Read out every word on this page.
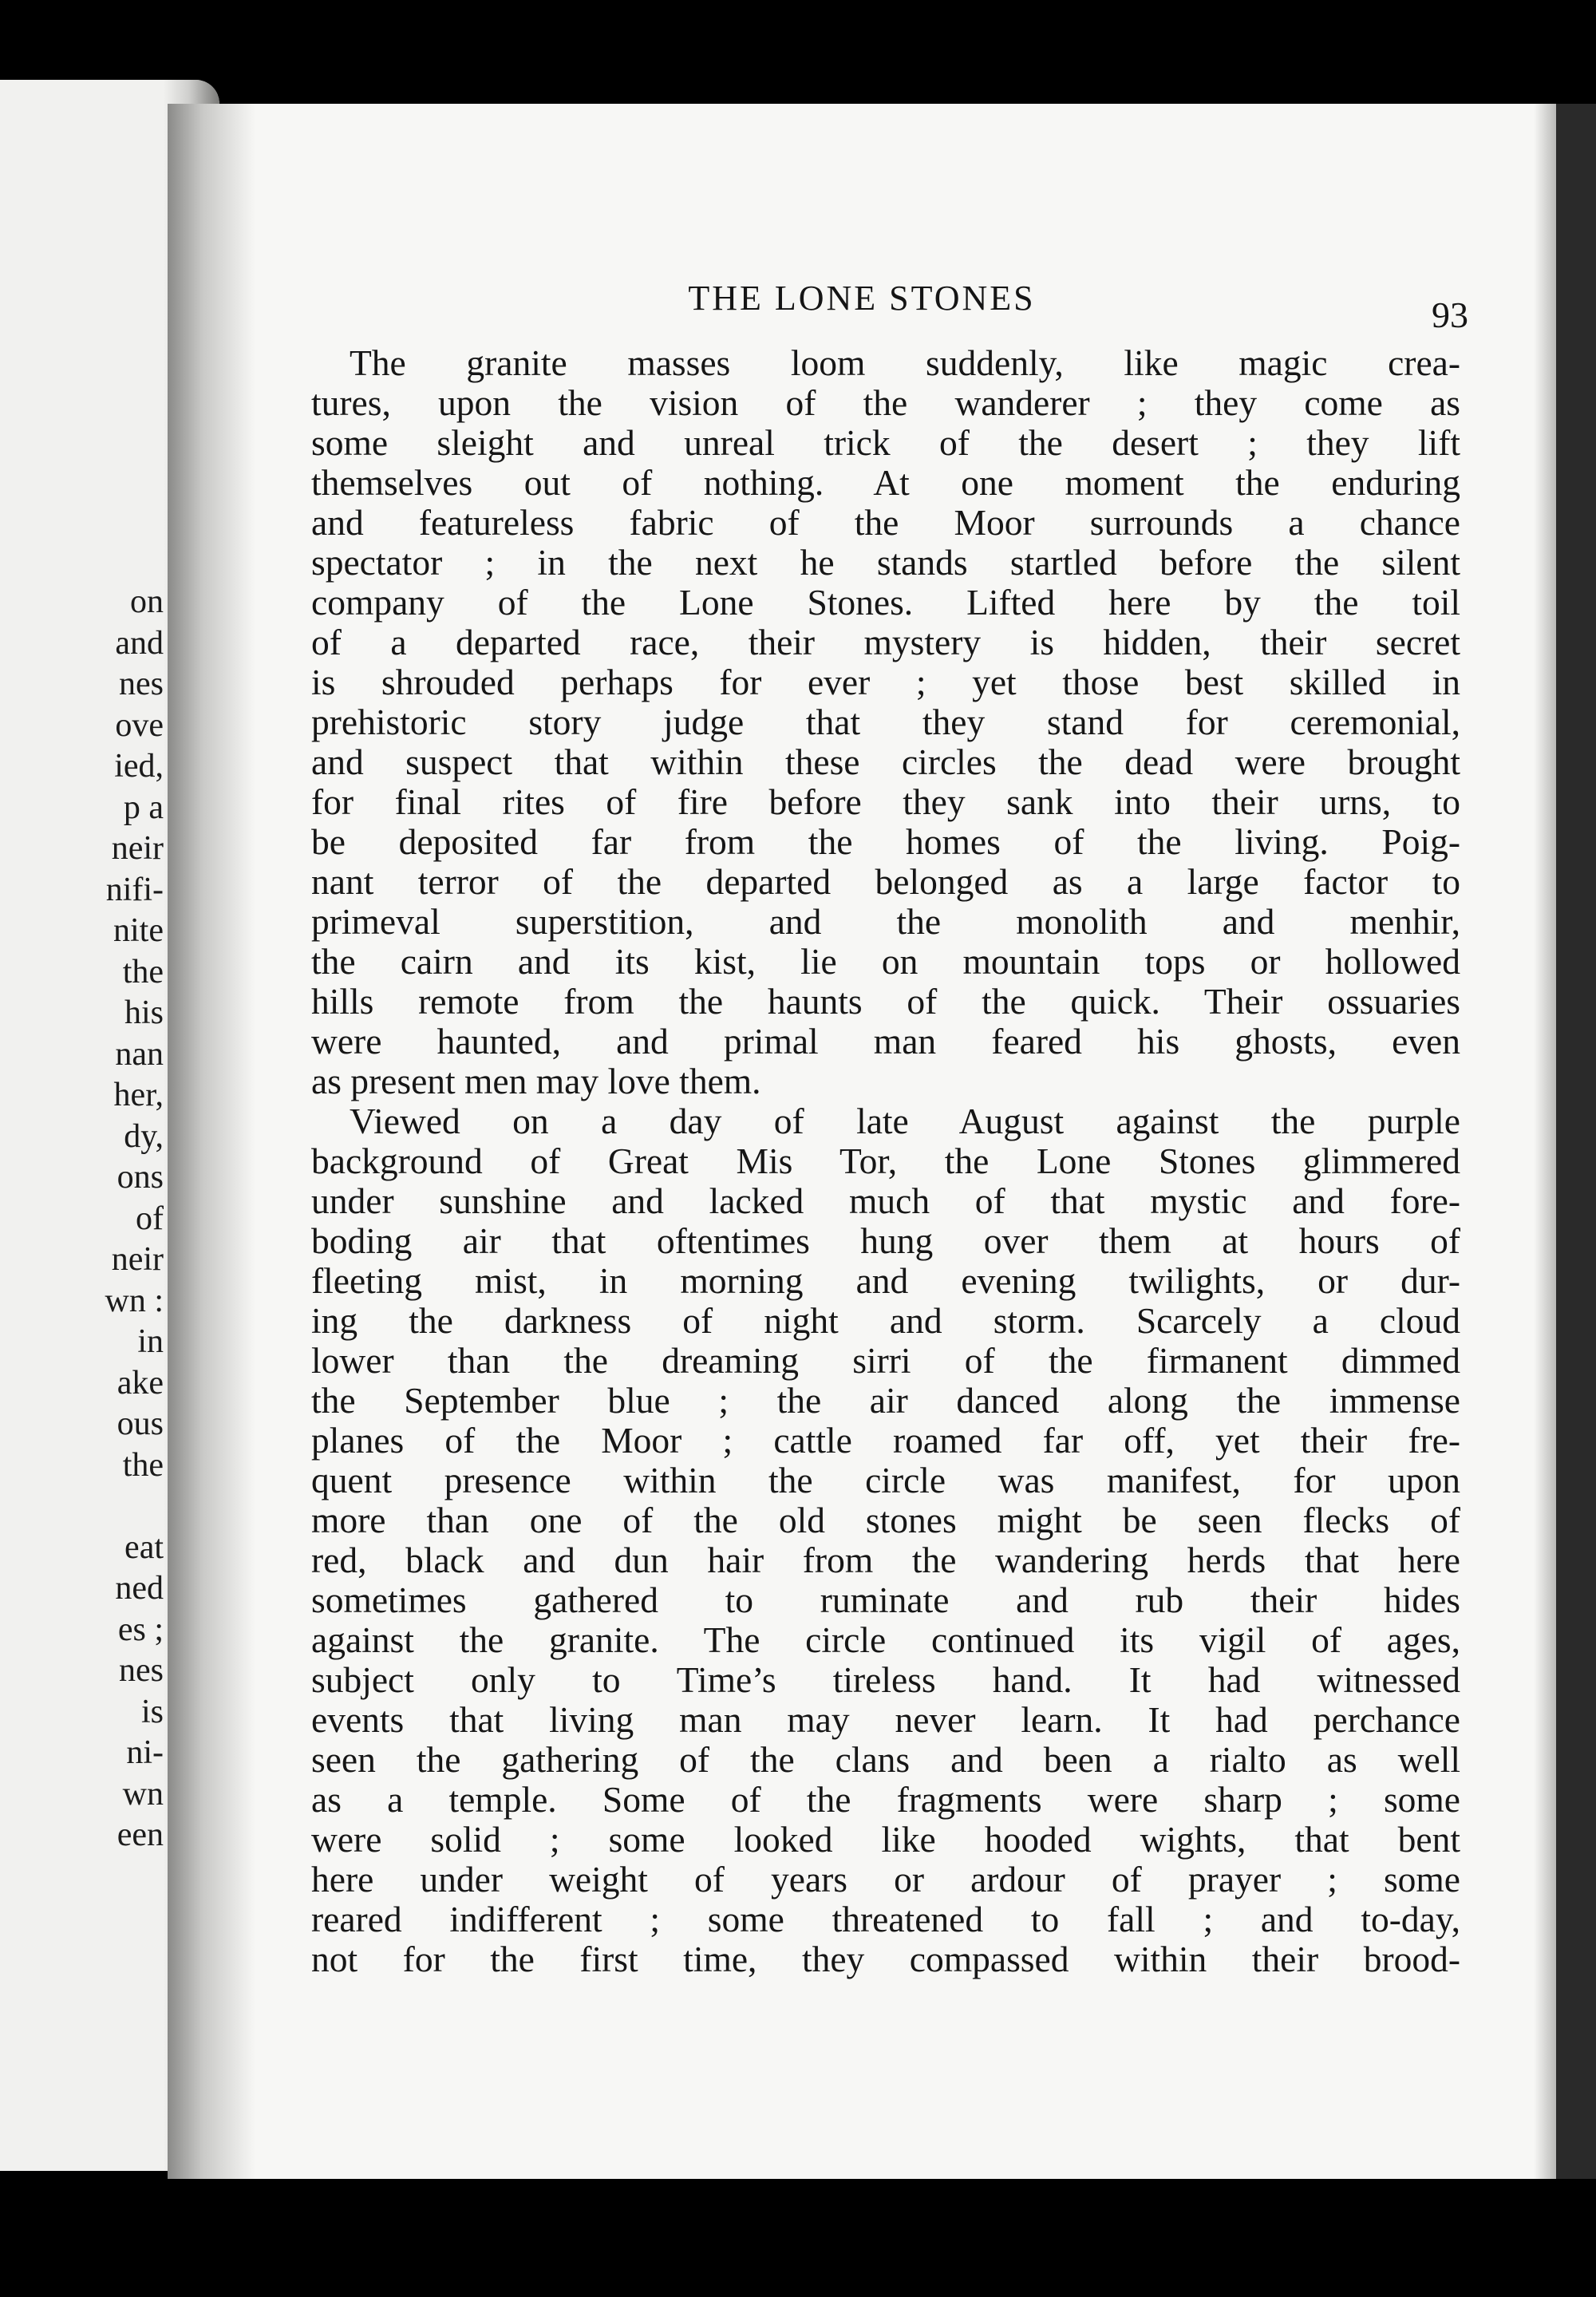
on
and
nes
ove
ied,
p a
neir
nifi-
nite
the
his
nan
her,
dy,
ons
of
neir
wn :
in
ake
ous
the
eat
ned
es ;
nes
is
ni-
wn
een
THE LONE STONES	93
The granite masses loom suddenly, like magic crea-
tures, upon the vision of the wanderer ; they come as
some sleight and unreal trick of the desert ; they lift
themselves out of nothing. At one moment the enduring
and featureless fabric of the Moor surrounds a chance
spectator ; in the next he stands startled before the silent
company of the Lone Stones. Lifted here by the toil
of a departed race, their mystery is hidden, their secret
is shrouded perhaps for ever ; yet those best skilled in
prehistoric story judge that they stand for ceremonial,
and suspect that within these circles the dead were brought
for final rites of fire before they sank into their urns, to
be deposited far from the homes of the living. Poig-
nant terror of the departed belonged as a large factor to
primeval superstition, and the monolith and menhir,
the cairn and its kist, lie on mountain tops or hollowed
hills remote from the haunts of the quick. Their ossuaries
were haunted, and primal man feared his ghosts, even
as present men may love them.
Viewed on a day of late August against the purple
background of Great Mis Tor, the Lone Stones glimmered
under sunshine and lacked much of that mystic and fore-
boding air that oftentimes hung over them at hours of
fleeting mist, in morning and evening twilights, or dur-
ing the darkness of night and storm. Scarcely a cloud
lower than the dreaming sirri of the firmanent dimmed
the September blue ; the air danced along the immense
planes of the Moor ; cattle roamed far off, yet their fre-
quent presence within the circle was manifest, for upon
more than one of the old stones might be seen flecks of
red, black and dun hair from the wandering herds that here
sometimes gathered to ruminate and rub their hides
against the granite. The circle continued its vigil of ages,
subject only to Time’s tireless hand. It had witnessed
events that living man may never learn. It had perchance
seen the gathering of the clans and been a rialto as well
as a temple. Some of the fragments were sharp ; some
were solid ; some looked like hooded wights, that bent
here under weight of years or ardour of prayer ; some
reared indifferent ; some threatened to fall ; and to-day,
not for the first time, they compassed within their brood-
